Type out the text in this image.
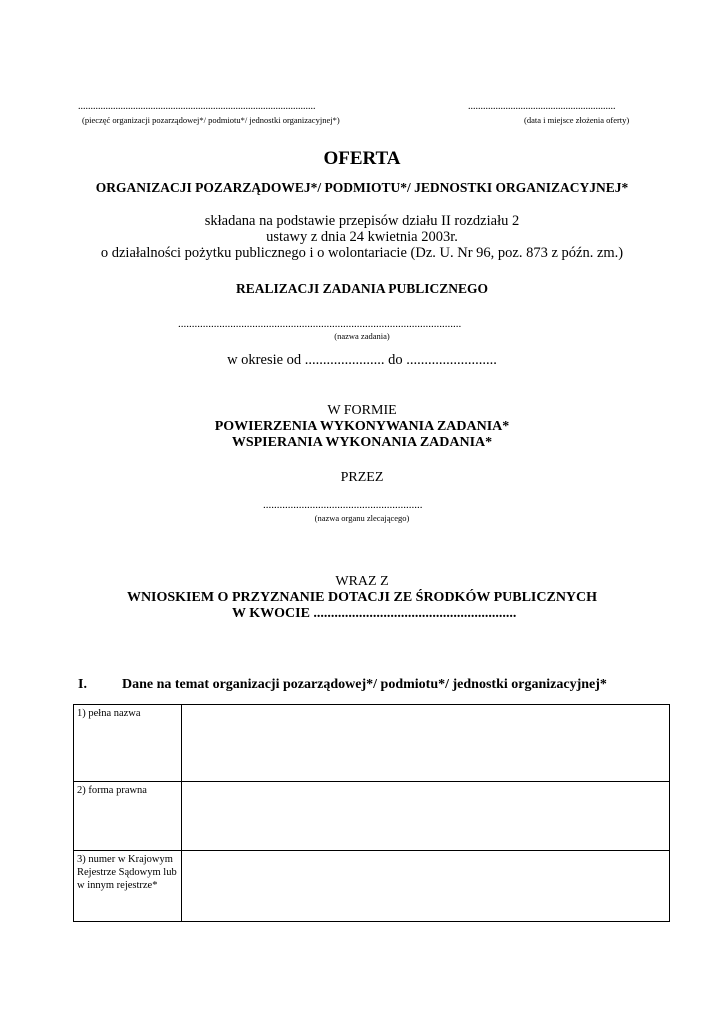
...............................................................................................
(pieczęć organizacji pozarządowej*/ podmiotu*/ jednostki organizacyjnej*)
...........................................................
(data i miejsce złożenia oferty)
OFERTA
ORGANIZACJI POZARZĄDOWEJ*/ PODMIOTU*/ JEDNOSTKI ORGANIZACYJNEJ*
składana na podstawie przepisów działu II rozdziału 2
ustawy z dnia 24 kwietnia 2003r.
o działalności pożytku publicznego i o wolontariacie (Dz. U. Nr 96, poz. 873 z późn. zm.)
REALIZACJI ZADANIA PUBLICZNEGO
.......................................................................................................
(nazwa zadania)
w okresie od ...................... do .........................
W FORMIE
POWIERZENIA WYKONYWANIA ZADANIA*
WSPIERANIA WYKONANIA ZADANIA*
PRZEZ
..........................................................
(nazwa organu zlecającego)
WRAZ Z
WNIOSKIEM O PRZYZNANIE DOTACJI ZE ŚRODKÓW PUBLICZNYCH
W KWOCIE ..........................................................
I.	Dane na temat organizacji pozarządowej*/ podmiotu*/ jednostki organizacyjnej*
1) pełna nazwa	
2) forma prawna	
3) numer w Krajowym Rejestrze Sądowym lub w innym rejestrze*	
